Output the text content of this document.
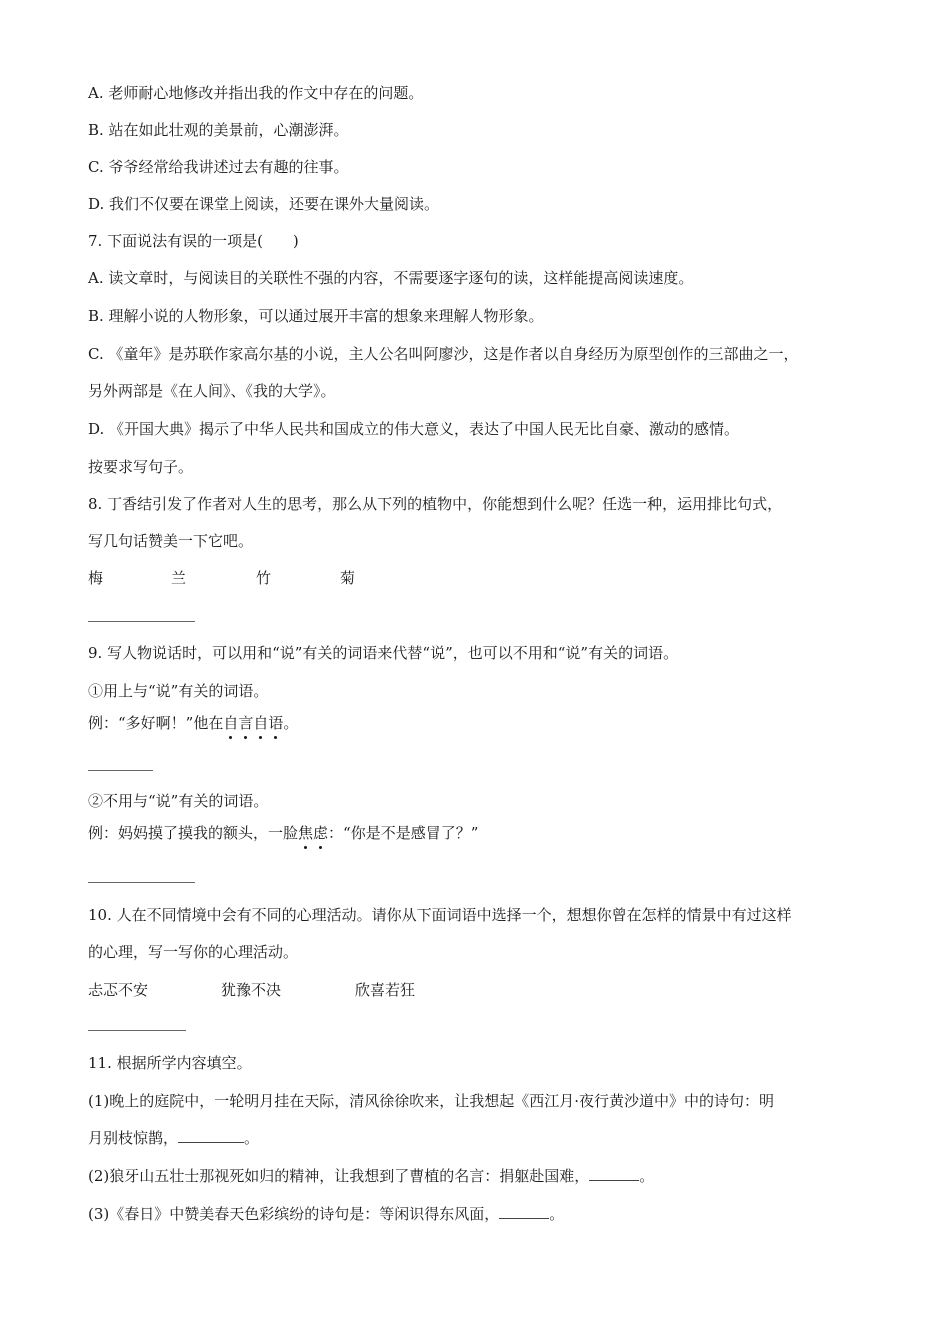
A. 老师耐心地修改并指出我的作文中存在的问题。
B. 站在如此壮观的美景前，心潮澎湃。
C. 爷爷经常给我讲述过去有趣的往事。
D. 我们不仅要在课堂上阅读，还要在课外大量阅读。
7. 下面说法有误的一项是(　　)
A. 读文章时，与阅读目的关联性不强的内容，不需要逐字逐句的读，这样能提高阅读速度。
B. 理解小说的人物形象，可以通过展开丰富的想象来理解人物形象。
C. 《童年》是苏联作家高尔基的小说，主人公名叫阿廖沙，这是作者以自身经历为原型创作的三部曲之一，
另外两部是《在人间》、《我的大学》。
D. 《开国大典》揭示了中华人民共和国成立的伟大意义，表达了中国人民无比自豪、激动的感情。
按要求写句子。
8. 丁香结引发了作者对人生的思考，那么从下列的植物中，你能想到什么呢？任选一种，运用排比句式，
写几句话赞美一下它吧。
梅	兰	竹	菊
9. 写人物说话时，可以用和“说”有关的词语来代替“说”，也可以不用和“说”有关的词语。
①用上与“说”有关的词语。
例：“多好啊！”他在自言自语。
②不用与“说”有关的词语。
例：妈妈摸了摸我的额头，一脸焦虑：“你是不是感冒了？”
10. 人在不同情境中会有不同的心理活动。请你从下面词语中选择一个，想想你曾在怎样的情景中有过这样
的心理，写一写你的心理活动。
忐忑不安	犹豫不决	欣喜若狂
11. 根据所学内容填空。
(1)晚上的庭院中，一轮明月挂在天际，清风徐徐吹来，让我想起《西江月·夜行黄沙道中》中的诗句：明
月别枝惊鹊，	。
(2)狼牙山五壮士那视死如归的精神，让我想到了曹植的名言：捐躯赴国难，	。
(3)《春日》中赞美春天色彩缤纷的诗句是：等闲识得东风面，	。
